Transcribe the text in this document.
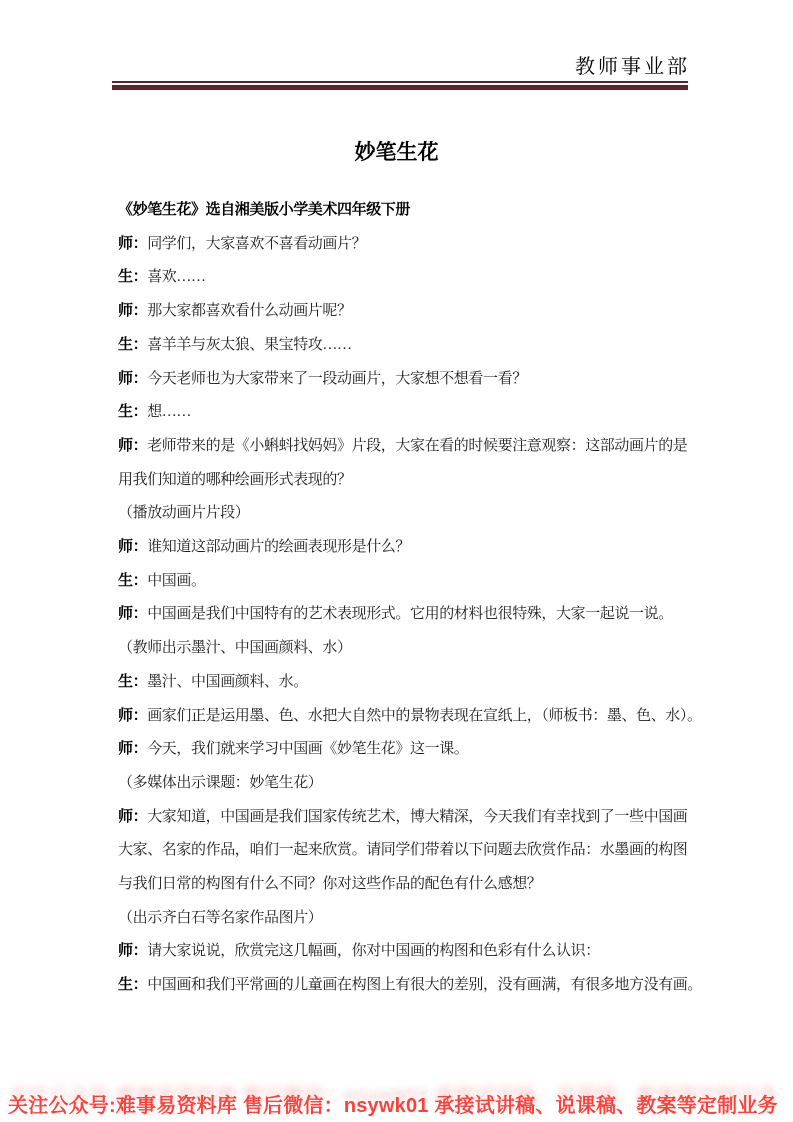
教师事业部
妙笔生花
《妙笔生花》选自湘美版小学美术四年级下册
师：同学们，大家喜欢不喜看动画片？
生：喜欢……
师：那大家都喜欢看什么动画片呢？
生：喜羊羊与灰太狼、果宝特攻……
师：今天老师也为大家带来了一段动画片，大家想不想看一看？
生：想……
师：老师带来的是《小蝌蚪找妈妈》片段，大家在看的时候要注意观察：这部动画片的是
用我们知道的哪种绘画形式表现的？
（播放动画片片段）
师：谁知道这部动画片的绘画表现形是什么？
生：中国画。
师：中国画是我们中国特有的艺术表现形式。它用的材料也很特殊，大家一起说一说。
（教师出示墨汁、中国画颜料、水）
生：墨汁、中国画颜料、水。
师：画家们正是运用墨、色、水把大自然中的景物表现在宣纸上，（师板书：墨、色、水）。
师：今天，我们就来学习中国画《妙笔生花》这一课。
（多媒体出示课题：妙笔生花）
师：大家知道，中国画是我们国家传统艺术，博大精深，今天我们有幸找到了一些中国画
大家、名家的作品，咱们一起来欣赏。请同学们带着以下问题去欣赏作品：水墨画的构图
与我们日常的构图有什么不同？你对这些作品的配色有什么感想？
（出示齐白石等名家作品图片）
师：请大家说说，欣赏完这几幅画，你对中国画的构图和色彩有什么认识：
生：中国画和我们平常画的儿童画在构图上有很大的差别，没有画满，有很多地方没有画。
关注公众号:难事易资料库 售后微信：nsywk01 承接试讲稿、说课稿、教案等定制业务
